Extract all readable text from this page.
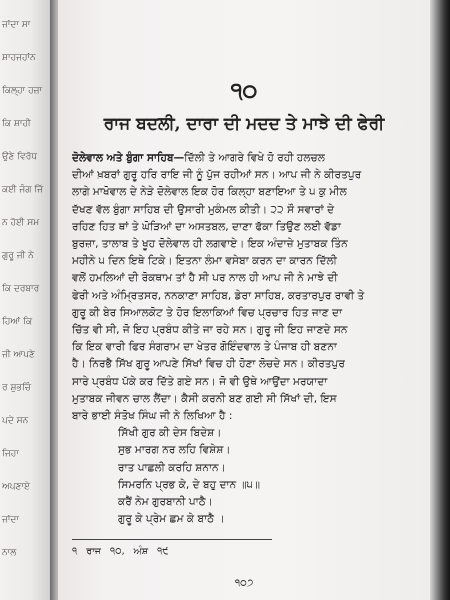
ਜਾਂਦਾ ਸਾ
ਸ਼ਾਹਜਹਾਂਨ
ਕਿਲ੍ਹਾ ਹਜ਼ਾ
ਕਿ ਸ਼ਾਹੀ
ਉਣੇ ਵਿਰੋਧ
ਕਈ ਜੰਗ ਜਿੱ
ਨ ਹੋਈ ਸਮ
ਗੁਰੂ ਜੀ ਨੇ
ਕਿ ਦਰਬਾਰ
ਹਿਆਂ ਕਿ
ਜੀ ਆਪਣੇ
ਰ ਸ਼ੁਭਚਿੰ
ਪਦੇ ਸਨ
ਜਿਹਾ
ਅਪਣਾਏ
ਜਾਂਦਾ
ਨਾਲ
੧੦
ਰਾਜ ਬਦਲੀ, ਦਾਰਾ ਦੀ ਮਦਦ ਤੇ ਮਾਝੇ ਦੀ ਫੇਰੀ
ਦੋਲੇਵਾਲ ਅਤੇ ਬੁੰਗਾ ਸਾਹਿਬ—ਦਿੱਲੀ ਤੇ ਆਗਰੇ ਵਿਖੇ ਹੋ ਰਹੀ ਹਲਚਲ
ਦੀਆਂ ਖ਼ਬਰਾਂ ਗੁਰੂ ਹਰਿ ਰਾਇ ਜੀ ਨੂੰ ਪੁੱਜ ਰਹੀਆਂ ਸਨ। ਆਪ ਜੀ ਨੇ ਕੀਰਤਪੁਰ
ਲਾਗੇ ਮਾਖੋਵਾਲ ਦੇ ਨੇੜੇ ਦੋਲੇਵਾਲ ਇਕ ਹੋਰ ਕਿਲ੍ਹਾ ਬਣਾਇਆ ਤੇ ੫ ਕੁ ਮੀਲ
ਦੱਖਣ ਵੱਲ ਬੁੰਗਾ ਸਾਹਿਬ ਦੀ ਉਸਾਰੀ ਮੁਕੰਮਲ ਕੀਤੀ। ੨੨ ਸੌ ਸਵਾਰਾਂ ਦੇ
ਰਹਿਣ ਹਿਤ ਥਾਂ ਤੇ ਘੋੜਿਆਂ ਦਾ ਅਸਤਬਲ, ਦਾਣਾ ਫੱਕਾ ਤਿਉਣ ਲਈ ਵੱਡਾ
ਬੁਰਜ਼ਾ, ਤਾਲਾਬ ਤੇ ਖੂਹ ਦੋਲੇਵਾਲ ਹੀ ਲਗਵਾਏ। ਇਕ ਅੰਦਾਜ਼ੇ ਮੁਤਾਬਕ ਤਿੰਨ
ਮਹੀਨੇ ੫ ਦਿਨ ਇਥੇ ਟਿਕੇ। ਇਤਨਾ ਲੰਮਾ ਵਸੇਬਾ ਕਰਨ ਦਾ ਕਾਰਨ ਦਿੱਲੀ
ਵਲੋਂ ਹਮਲਿਆਂ ਦੀ ਰੋਕਥਾਮ ਤਾਂ ਹੈ ਸੀ ਪਰ ਨਾਲ ਹੀ ਆਪ ਜੀ ਨੇ ਮਾਝੇ ਦੀ
ਫੇਰੀ ਅਤੇ ਅੰਮ੍ਰਿਤਸਰ, ਨਨਕਾਣਾ ਸਾਹਿਬ, ਡੇਰਾ ਸਾਹਿਬ, ਕਰਤਾਰਪੁਰ ਰਾਵੀ ਤੇ
ਗੁਰੂ ਕੀ ਬੇਰ ਸਿਆਲਕੋਟ ਤੇ ਹੋਰ ਇਲਾਕਿਆਂ ਵਿਚ ਪ੍ਰਚਾਰ ਹਿਤ ਜਾਣ ਦਾ
ਚਿੱਤ ਵੀ ਸੀ, ਜੋ ਇਹ ਪ੍ਰਬੰਧ ਕੀਤੇ ਜਾ ਰਹੇ ਸਨ। ਗੁਰੂ ਜੀ ਇਹ ਜਾਣਦੇ ਸਨ
ਕਿ ਇਕ ਵਾਰੀ ਫਿਰ ਸੰਗਰਾਮ ਦਾ ਖੇਤਰ ਗੋਇੰਦਵਾਲ ਤੇ ਪੰਜਾਬ ਹੀ ਬਣਨਾ
ਹੈ। ਨਿਰਭੈ ਸਿੱਖ ਗੁਰੂ ਆਪਣੇ ਸਿੱਖਾਂ ਵਿਚ ਹੀ ਹੋਣਾ ਲੋਚਦੇ ਸਨ। ਕੀਰਤਪੁਰ
ਸਾਰੇ ਪ੍ਰਬੰਧ ਪੱਕੇ ਕਰ ਦਿੱਤੇ ਗਏ ਸਨ। ਜੋ ਵੀ ਉਥੇ ਆਉਂਦਾ ਮਰਯਾਦਾ
ਮੁਤਾਬਕ ਜੀਵਨ ਚਾਲ ਲੈਂਦਾ। ਕੈਸੀ ਕਰਨੀ ਬਣ ਗਈ ਸੀ ਸਿੱਖਾਂ ਦੀ, ਇਸ
ਬਾਰੇ ਭਾਈ ਸੰਤੋਖ ਸਿੰਘ ਜੀ ਨੇ ਲਿਖਿਆ ਹੈ :
ਸਿੱਖੀ ਗੁਰ ਕੀ ਦੇਸ ਬਿਦੇਸ਼।
ਸੁਭ ਮਾਰਗ ਨਰ ਲਹਿ ਵਿਸ਼ੇਸ਼।
ਰਾਤ ਪਾਛਲੀ ਕਰਹਿ ਸ਼ਨਾਨ।
ਸਿਮਰਨਿ ਪ੍ਰਭ ਕੇ, ਦੇ ਬਹੁ ਦਾਨ ॥੫॥
ਕਰੈਂ ਨੇਮ ਗੁਰਬਾਨੀ ਪਾਠੈ।
ਗੁਰੂ ਕੇ ਪ੍ਰੇਮ ਛਮ ਕੇ ਬਾਠੈ ।
੧ ਰਾਜ ੧੦, ਅੰਸ਼ ੧੯
੧੦੭
